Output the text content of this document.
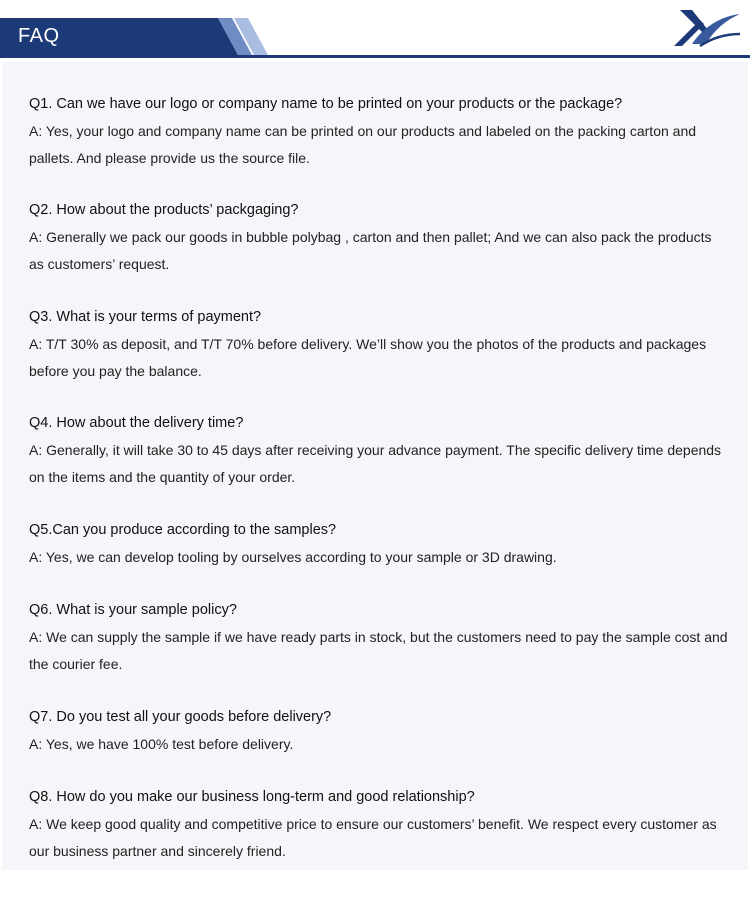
FAQ

Q1. Can we have our logo or company name to be printed on your products or the package?

A: Yes, your logo and company name can be printed on our products and labeled on the packing carton and pallets. And please provide us the source file.

Q2. How about the products’ packgaging?

A: Generally we pack our goods in bubble polybag , carton and then pallet; And we can also pack the products as customers’ request.

Q3. What is your terms of payment?

A: T/T 30% as deposit, and T/T 70% before delivery. We’ll show you the photos of the products and packages before you pay the balance.

Q4. How about the delivery time?

A: Generally, it will take 30 to 45 days after receiving your advance payment. The specific delivery time depends on the items and the quantity of your order.

Q5.Can you produce according to the samples?

A: Yes, we can develop tooling by ourselves according to your sample or 3D drawing.

Q6. What is your sample policy?

A: We can supply the sample if we have ready parts in stock, but the customers need to pay the sample cost and the courier fee.

Q7. Do you test all your goods before delivery?

A: Yes, we have 100% test before delivery.

Q8. How do you make our business long-term and good relationship?

A: We keep good quality and competitive price to ensure our customers’ benefit. We respect every customer as our business partner and sincerely friend.
